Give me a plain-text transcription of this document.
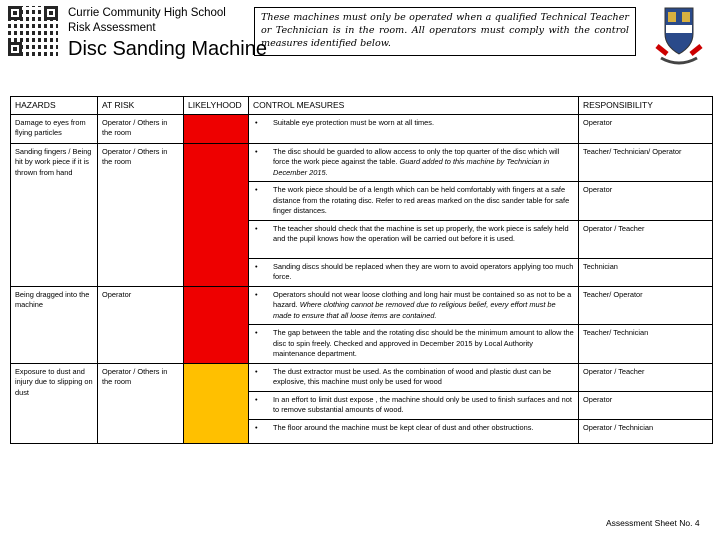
Currie Community High School
Risk Assessment
Disc Sanding Machine
These machines must only be operated when a qualified Technical Teacher or Technician is in the room. All operators must comply with the control measures identified below.
HAZARDS	AT RISK	LIKELYHOOD	CONTROL MEASURES	RESPONSIBILITY
Damage to eyes from flying particles	Operator / Others in the room		• Suitable eye protection must be worn at all times.	Operator
Sanding fingers / Being hit by work piece if it is thrown from hand	Operator / Others in the room		• The disc should be guarded to allow access to only the top quarter of the disc which will force the work piece against the table. Guard added to this machine by Technician in December 2015.	Teacher/ Technician/ Operator

			• The work piece should be of a length which can be held comfortably with fingers at a safe distance from the rotating disc. Refer to red areas marked on the disc sander table for safe finger distances.	Operator

			• The teacher should check that the machine is set up properly, the work piece is safely held and the pupil knows how the operation will be carried out before it is used.	Operator / Teacher

			• Sanding discs should be replaced when they are worn to avoid operators applying too much force.	Technician
Being dragged into the machine	Operator		• Operators should not wear loose clothing and long hair must be contained so as not to be a hazard. Where clothing cannot be removed due to religious belief, every effort must be made to ensure that all loose items are contained.	Teacher/ Operator

			• The gap between the table and the rotating disc should be the minimum amount to allow the disc to spin freely. Checked and approved in December 2015 by Local Authority maintenance department.	Teacher/ Technician
Exposure to dust and injury due to slipping on dust	Operator / Others in the room		• The dust extractor must be used. As the combination of wood and plastic dust can be explosive, this machine must only be used for wood	Operator / Teacher

			• In an effort to limit dust expose , the machine should only be used to finish surfaces and not to remove substantial amounts of wood.	Operator

			• The floor around the machine must be kept clear of dust and other obstructions.	Operator / Technician
Assessment Sheet No. 4
